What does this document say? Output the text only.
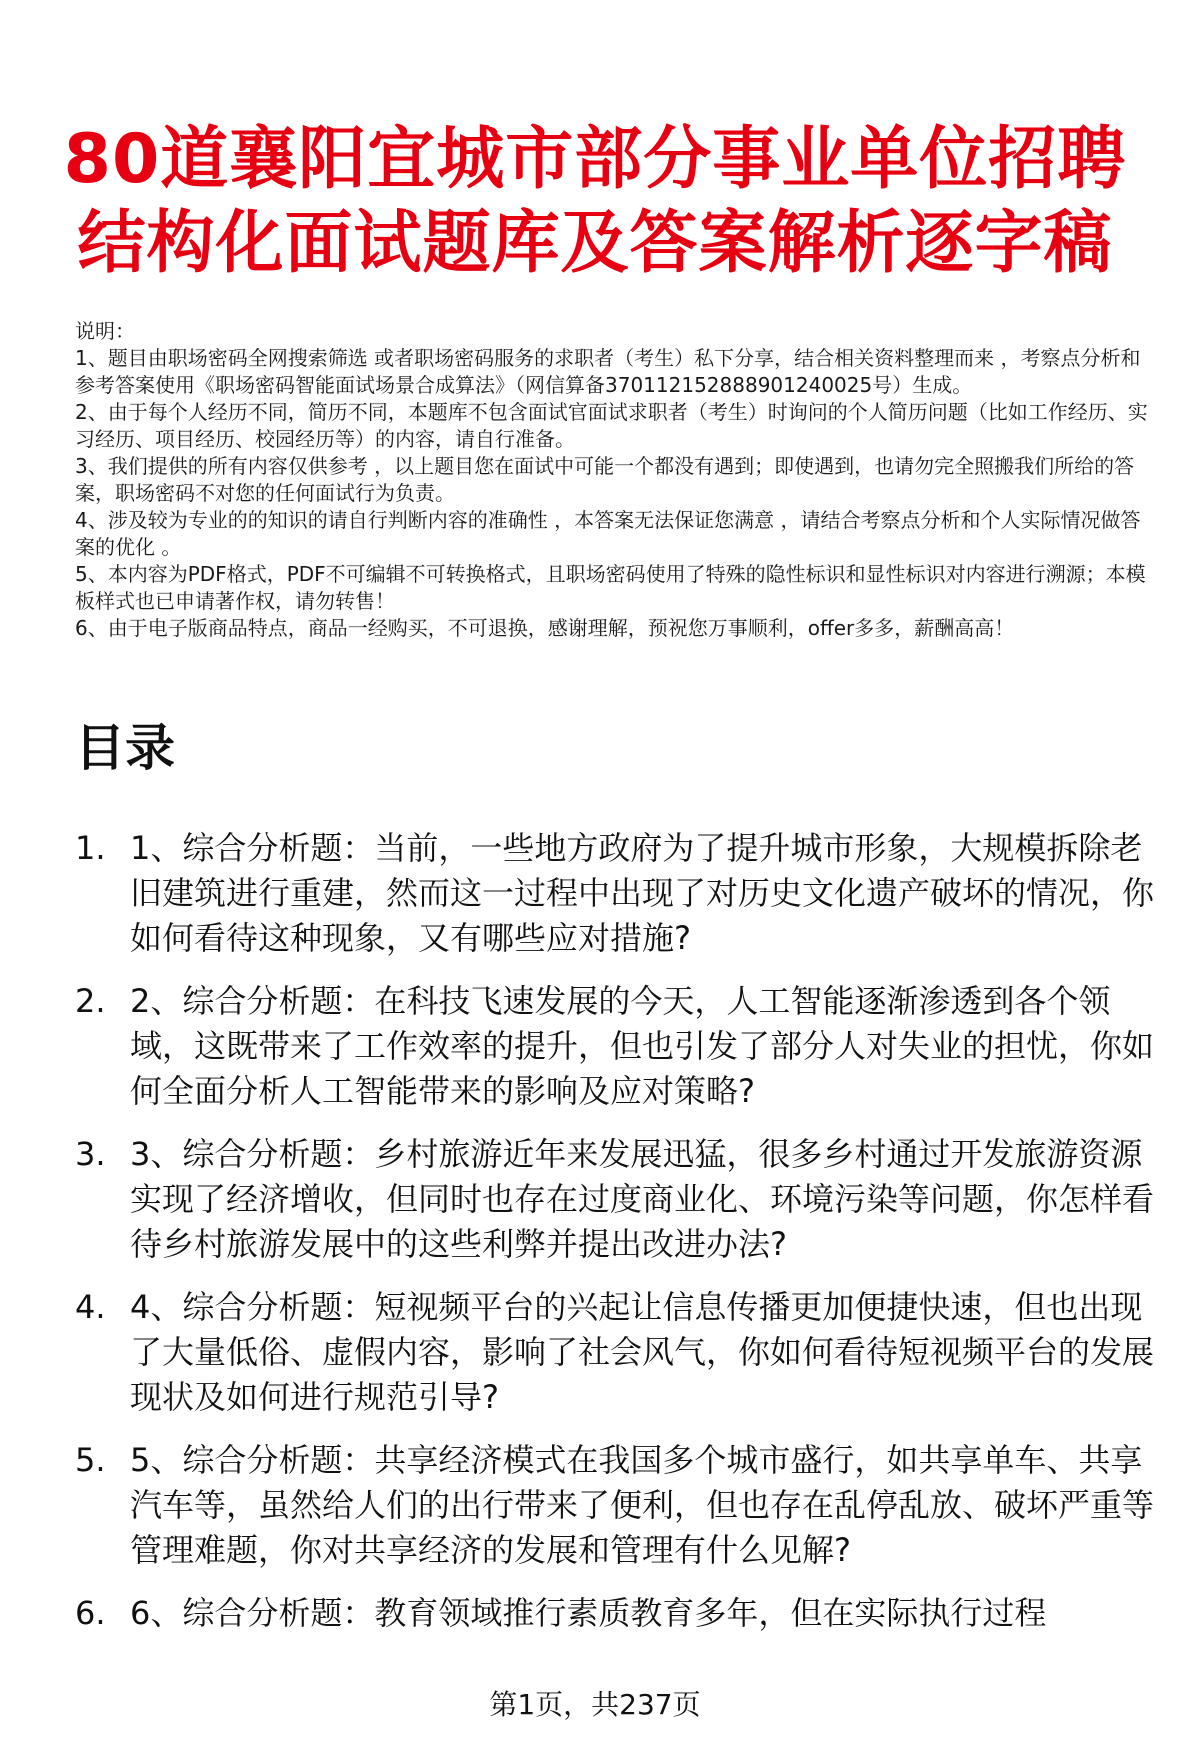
80道襄阳宜城市部分事业单位招聘
结构化面试题库及答案解析逐字稿

说明：

1、题目由职场密码全网搜索筛选 或者职场密码服务的求职者（考生）私下分享，结合相关资料整理而来 ，考察点分析和参考答案使用《职场密码智能面试场景合成算法》（网信算备370112152888901240025号）生成。

2、由于每个人经历不同，简历不同，本题库不包含面试官面试求职者（考生）时询问的个人简历问题（比如工作经历、实习经历、项目经历、校园经历等）的内容，请自行准备。

3、我们提供的所有内容仅供参考 ，以上题目您在面试中可能一个都没有遇到；即使遇到，也请勿完全照搬我们所给的答案，职场密码不对您的任何面试行为负责。

4、涉及较为专业的的知识的请自行判断内容的准确性 ，本答案无法保证您满意 ，请结合考察点分析和个人实际情况做答案的优化 。

5、本内容为PDF格式，PDF不可编辑不可转换格式，且职场密码使用了特殊的隐性标识和显性标识对内容进行溯源；本模板样式也已申请著作权，请勿转售！

6、由于电子版商品特点，商品一经购买，不可退换，感谢理解，预祝您万事顺利，offer多多，薪酬高高！

目录
1. 1、综合分析题：当前，一些地方政府为了提升城市形象，大规模拆除老旧建筑进行重建，然而这一过程中出现了对历史文化遗产破坏的情况，你如何看待这种现象，又有哪些应对措施?
2. 2、综合分析题：在科技飞速发展的今天，人工智能逐渐渗透到各个领域，这既带来了工作效率的提升，但也引发了部分人对失业的担忧，你如何全面分析人工智能带来的影响及应对策略?
3. 3、综合分析题：乡村旅游近年来发展迅猛，很多乡村通过开发旅游资源实现了经济增收，但同时也存在过度商业化、环境污染等问题，你怎样看待乡村旅游发展中的这些利弊并提出改进办法?
4. 4、综合分析题：短视频平台的兴起让信息传播更加便捷快速，但也出现了大量低俗、虚假内容，影响了社会风气，你如何看待短视频平台的发展现状及如何进行规范引导?
5. 5、综合分析题：共享经济模式在我国多个城市盛行，如共享单车、共享汽车等，虽然给人们的出行带来了便利，但也存在乱停乱放、破坏严重等管理难题，你对共享经济的发展和管理有什么见解?
6. 6、综合分析题：教育领域推行素质教育多年，但在实际执行过程
第1页，共237页
